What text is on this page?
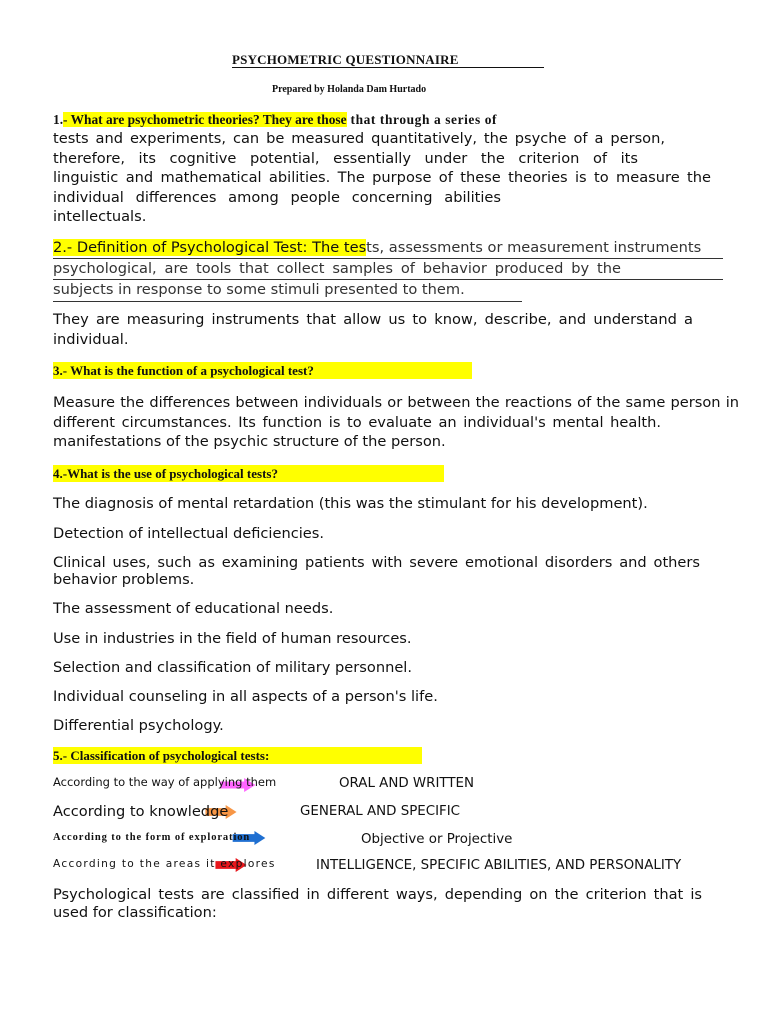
PSYCHOMETRIC QUESTIONNAIRE
Prepared by Holanda Dam Hurtado
1.- What are psychometric theories? They are those that through a series of

tests and experiments, can be measured quantitatively, the psyche of a person,

therefore, its cognitive potential, essentially under the criterion of its

linguistic and mathematical abilities. The purpose of these theories is to measure the

individual differences among people concerning abilities

intellectuals.

2.- Definition of Psychological Test: The tests, assessments or measurement instruments
psychological, are tools that collect samples of behavior produced by the
subjects in response to some stimuli presented to them.
They are measuring instruments that allow us to know, describe, and understand a individual.
3.- What is the function of a psychological test?

Measure the differences between individuals or between the reactions of the same person in

different circumstances. Its function is to evaluate an individual's mental health.

manifestations of the psychic structure of the person.

4.-What is the use of psychological tests?
The diagnosis of mental retardation (this was the stimulant for his development).
Detection of intellectual deficiencies.
Clinical uses, such as examining patients with severe emotional disorders and others behavior problems.
The assessment of educational needs.
Use in industries in the field of human resources.
Selection and classification of military personnel.
Individual counseling in all aspects of a person's life.
Differential psychology.
5.- Classification of psychological tests:
According to the way of applying them	ORAL AND WRITTEN
According to knowledge	GENERAL AND SPECIFIC
According to the form of exploration	Objective or Projective
According to the areas it explores	INTELLIGENCE, SPECIFIC ABILITIES, AND PERSONALITY
Psychological tests are classified in different ways, depending on the criterion that is used for classification:
